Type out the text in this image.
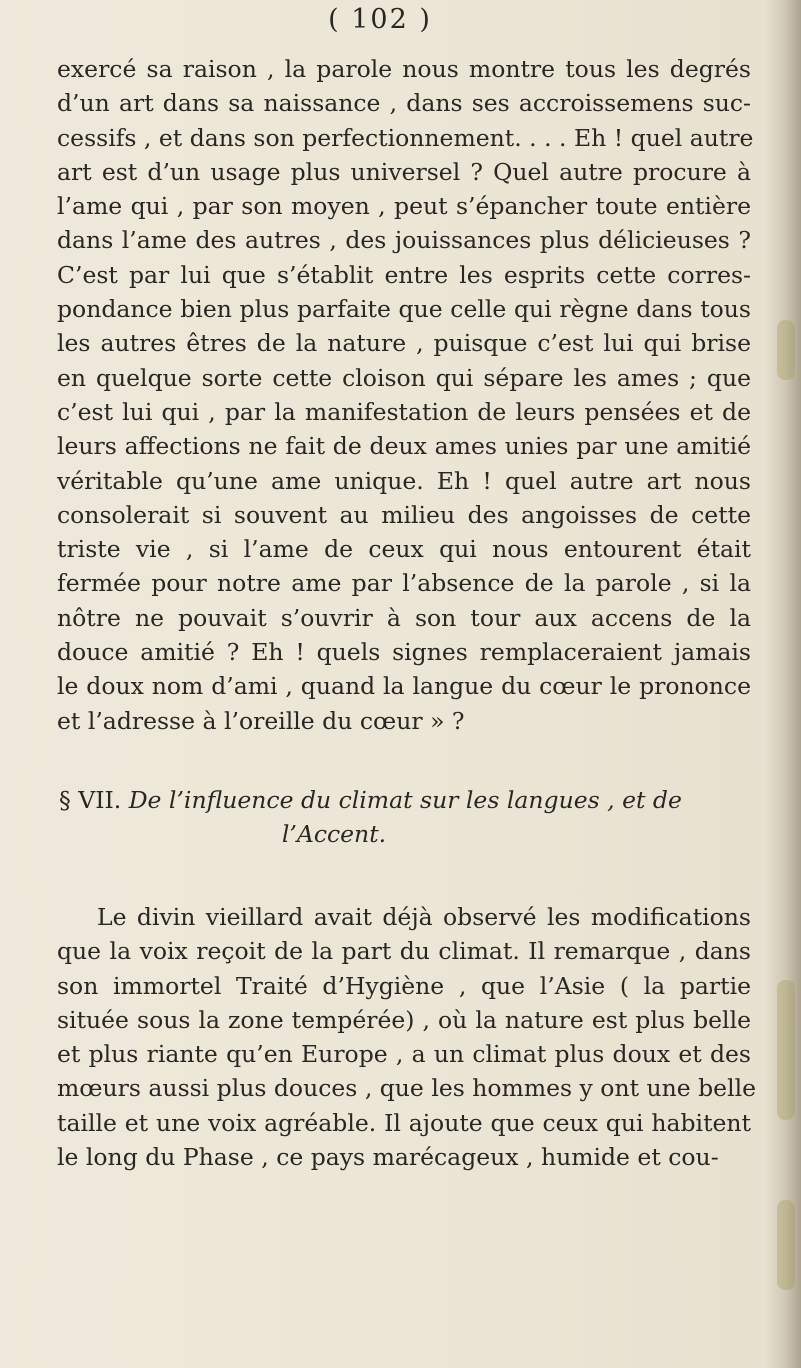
( 102 )
exercé sa raison , la parole nous montre tous les degrés
d’un art dans sa naissance , dans ses accroissemens suc-
cessifs , et dans son perfectionnement. . . . Eh ! quel autre
art est d’un usage plus universel ? Quel autre procure à
l’ame qui , par son moyen , peut s’épancher toute entière
dans l’ame des autres , des jouissances plus délicieuses ?
C’est par lui que s’établit entre les esprits cette corres-
pondance bien plus parfaite que celle qui règne dans tous
les autres êtres de la nature , puisque c’est lui qui brise
en quelque sorte cette cloison qui sépare les ames ; que
c’est lui qui , par la manifestation de leurs pensées et de
leurs affections ne fait de deux ames unies par une amitié
véritable qu’une ame unique. Eh ! quel autre art nous
consolerait si souvent au milieu des angoisses de cette
triste vie , si l’ame de ceux qui nous entourent était
fermée pour notre ame par l’absence de la parole , si la
nôtre ne pouvait s’ouvrir à son tour aux accens de la
douce amitié ? Eh ! quels signes remplaceraient jamais
le doux nom d’ami , quand la langue du cœur le prononce
et l’adresse à l’oreille du cœur » ?
§ VII. De l’influence du climat sur les langues , et de
l’Accent.
Le divin vieillard avait déjà observé les modifications
que la voix reçoit de la part du climat. Il remarque , dans
son immortel Traité d’Hygiène , que l’Asie ( la partie
située sous la zone tempérée) , où la nature est plus belle
et plus riante qu’en Europe , a un climat plus doux et des
mœurs aussi plus douces , que les hommes y ont une belle
taille et une voix agréable. Il ajoute que ceux qui habitent
le long du Phase , ce pays marécageux , humide et cou-
